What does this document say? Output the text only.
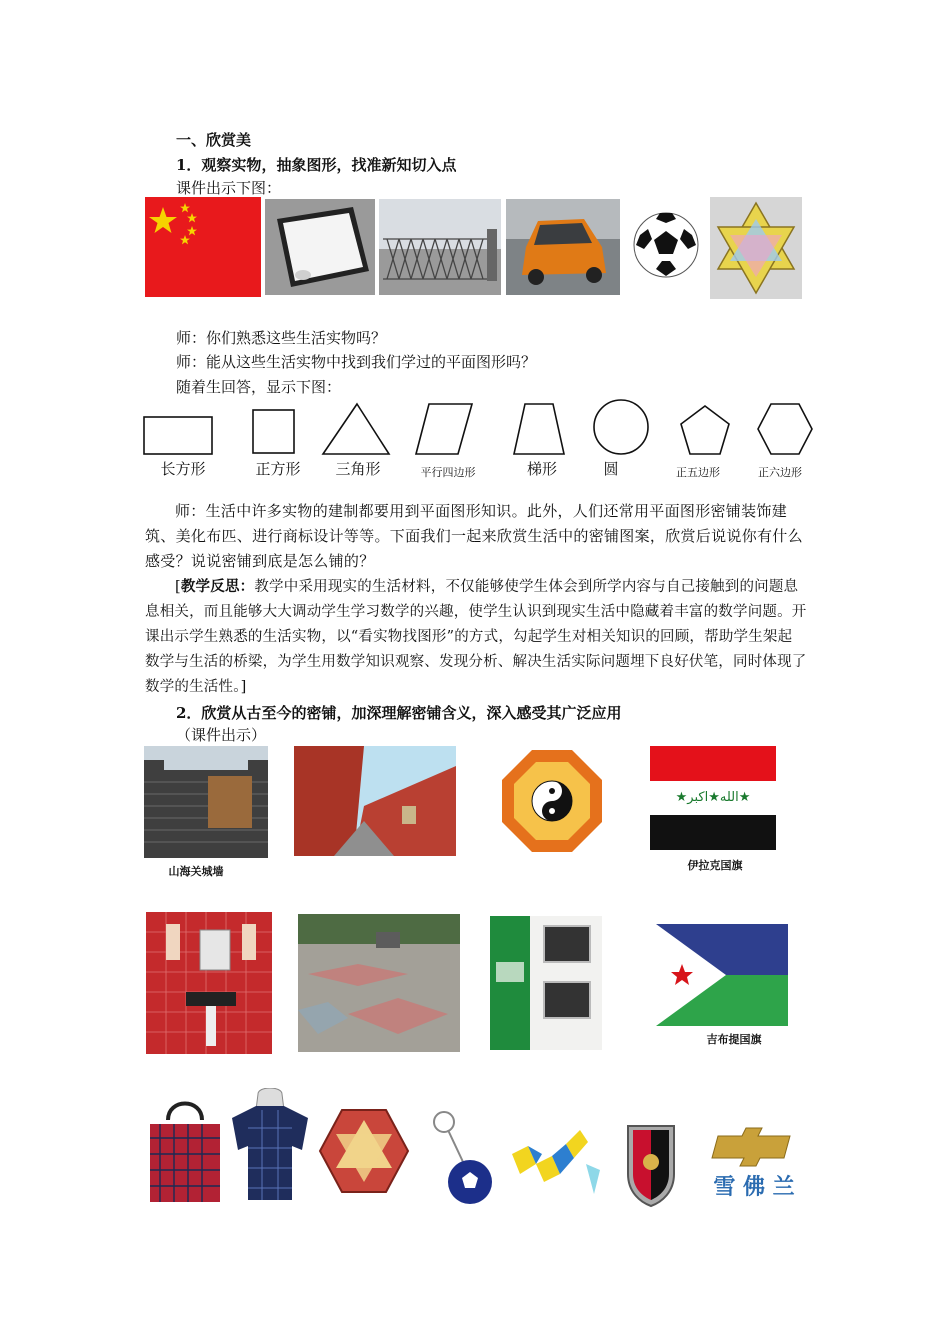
一、欣赏美
1．观察实物，抽象图形，找准新知切入点
课件出示下图：
师：你们熟悉这些生活实物吗？
师：能从这些生活实物中找到我们学过的平面图形吗？
随着生回答，显示下图：
长方形	正方形	三角形	平行四边形	梯形	圆	正五边形	正六边形
师：生活中许多实物的建制都要用到平面图形知识。此外，人们还常用平面图形密铺装饰建筑、美化布匹、进行商标设计等等。下面我们一起来欣赏生活中的密铺图案，欣赏后说说你有什么感受？说说密铺到底是怎么铺的？
[教学反思：教学中采用现实的生活材料，不仅能够使学生体会到所学内容与自己接触到的问题息息相关，而且能够大大调动学生学习数学的兴趣，使学生认识到现实生活中隐藏着丰富的数学问题。开课出示学生熟悉的生活实物，以“看实物找图形”的方式，勾起学生对相关知识的回顾，帮助学生架起数学与生活的桥梁，为学生用数学知识观察、发现分析、解决生活实际问题埋下良好伏笔，同时体现了数学的生活性。]
2．欣赏从古至今的密铺，加深理解密铺含义，深入感受其广泛应用
（课件出示）
山海关城墙
★الله★اكبر★
伊拉克国旗
吉布提国旗
雪 佛 兰
